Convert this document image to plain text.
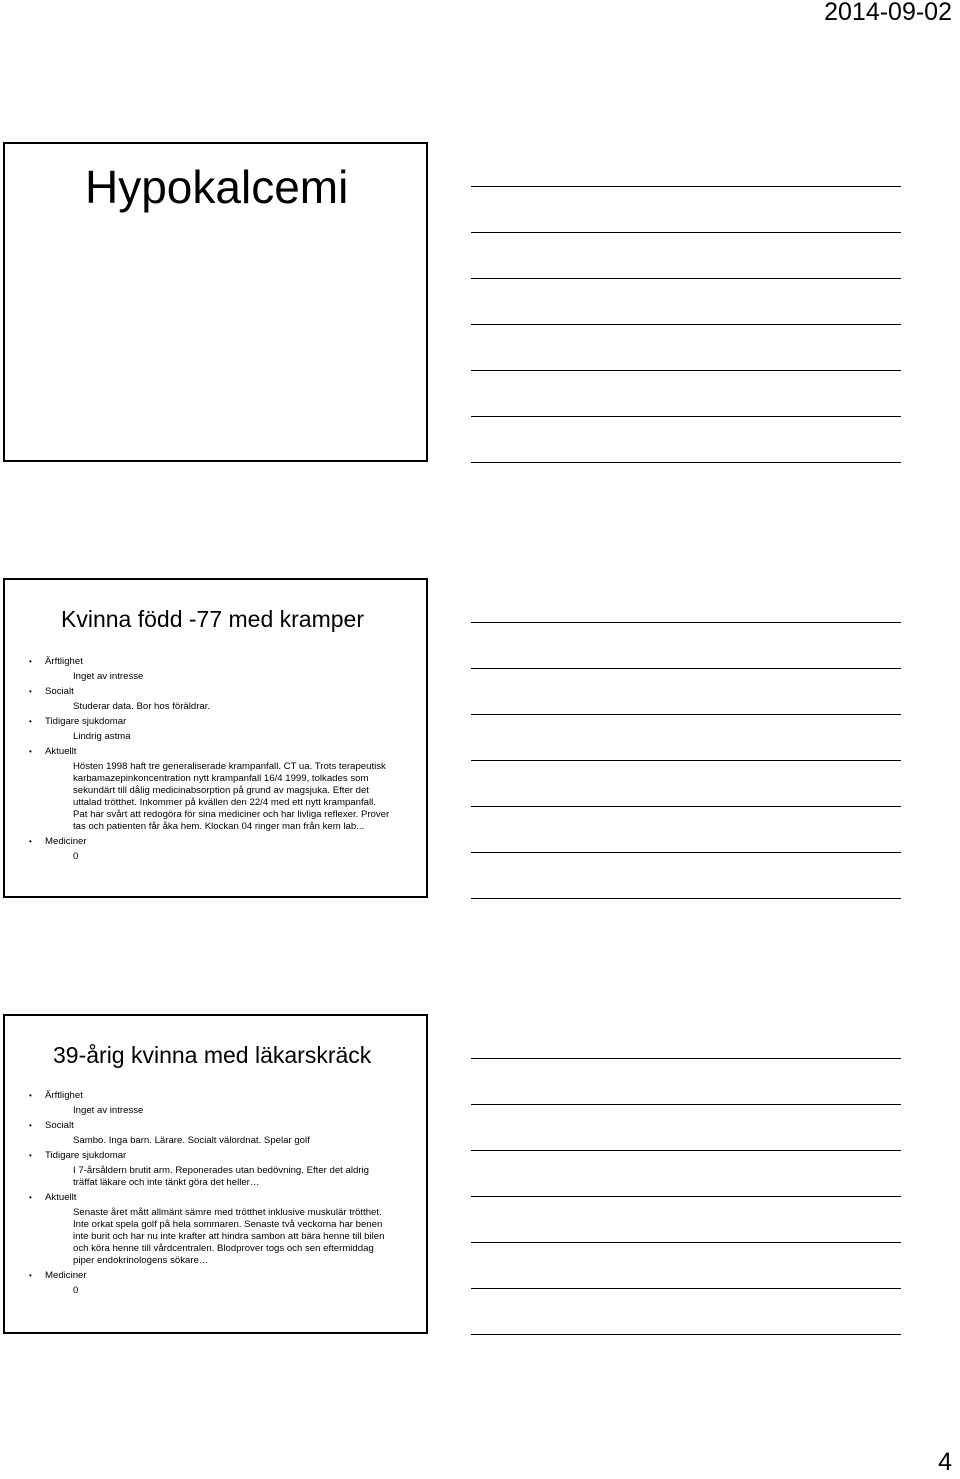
2014-09-02
Hypokalcemi
Kvinna född -77 med kramper
•	Ärftlighet
Inget av intresse
•	Socialt
Studerar data. Bor hos föräldrar.
•	Tidigare sjukdomar
Lindrig astma
•	Aktuellt
Hösten 1998 haft tre generaliserade krampanfall. CT ua. Trots terapeutisk
karbamazepinkoncentration nytt krampanfall 16/4 1999, tolkades som
sekundärt till dålig medicinabsorption på grund av magsjuka. Efter det
uttalad trötthet. Inkommer på kvällen den 22/4 med ett nytt krampanfall.
Pat har svårt att redogöra för sina mediciner och har livliga reflexer. Prover
tas och patienten får åka hem. Klockan 04 ringer man från kem lab...
•	Mediciner
0
39-årig kvinna med läkarskräck
•	Ärftlighet
Inget av intresse
•	Socialt
Sambo. Inga barn. Lärare. Socialt välordnat. Spelar golf
•	Tidigare sjukdomar
I 7-årsåldern brutit arm. Reponerades utan bedövning. Efter det aldrig
träffat läkare och inte tänkt göra det heller…
•	Aktuellt
Senaste året mått allmänt sämre med trötthet inklusive muskulär trötthet.
Inte orkat spela golf på hela sommaren. Senaste två veckorna har benen
inte burit och har nu inte krafter att hindra sambon att bära henne till bilen
och köra henne till vårdcentralen. Blodprover togs och sen eftermiddag
piper endokrinologens sökare…
•	Mediciner
0
4
